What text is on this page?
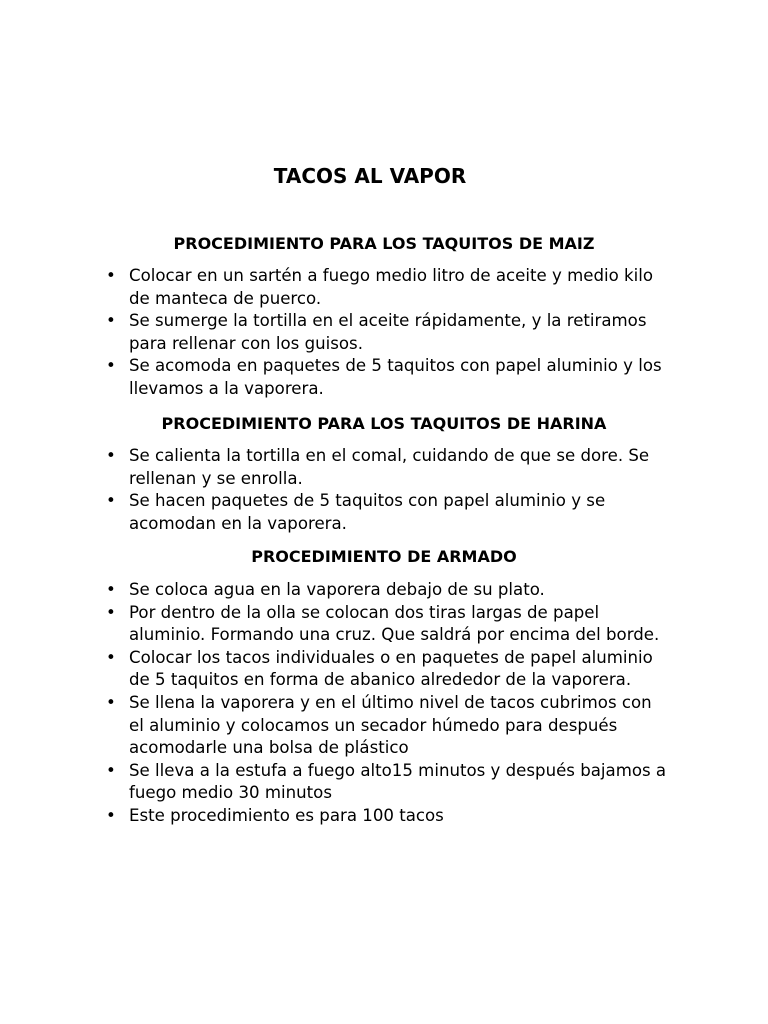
TACOS AL VAPOR
PROCEDIMIENTO PARA LOS TAQUITOS DE MAIZ
• Colocar en un sartén a fuego medio litro de aceite y medio kilo de manteca de puerco.
• Se sumerge la tortilla en el aceite rápidamente, y la retiramos para rellenar con los guisos.
• Se acomoda en paquetes de 5 taquitos con papel aluminio y los llevamos a la vaporera.
PROCEDIMIENTO PARA LOS TAQUITOS DE HARINA
• Se calienta la tortilla en el comal, cuidando de que se dore. Se rellenan y se enrolla.
• Se hacen paquetes de 5 taquitos con papel aluminio y se acomodan en la vaporera.
PROCEDIMIENTO DE ARMADO
• Se coloca agua en la vaporera debajo de su plato.
• Por dentro de la olla se colocan dos tiras largas de papel aluminio. Formando una cruz. Que saldrá por encima del borde.
• Colocar los tacos individuales o en paquetes de papel aluminio de 5 taquitos en forma de abanico alrededor de la vaporera.
• Se llena la vaporera y en el último nivel de tacos cubrimos con el aluminio y colocamos un secador húmedo para después acomodarle una bolsa de plástico
• Se lleva a la estufa a fuego alto15 minutos y después bajamos a fuego medio 30 minutos
• Este procedimiento es para 100 tacos
